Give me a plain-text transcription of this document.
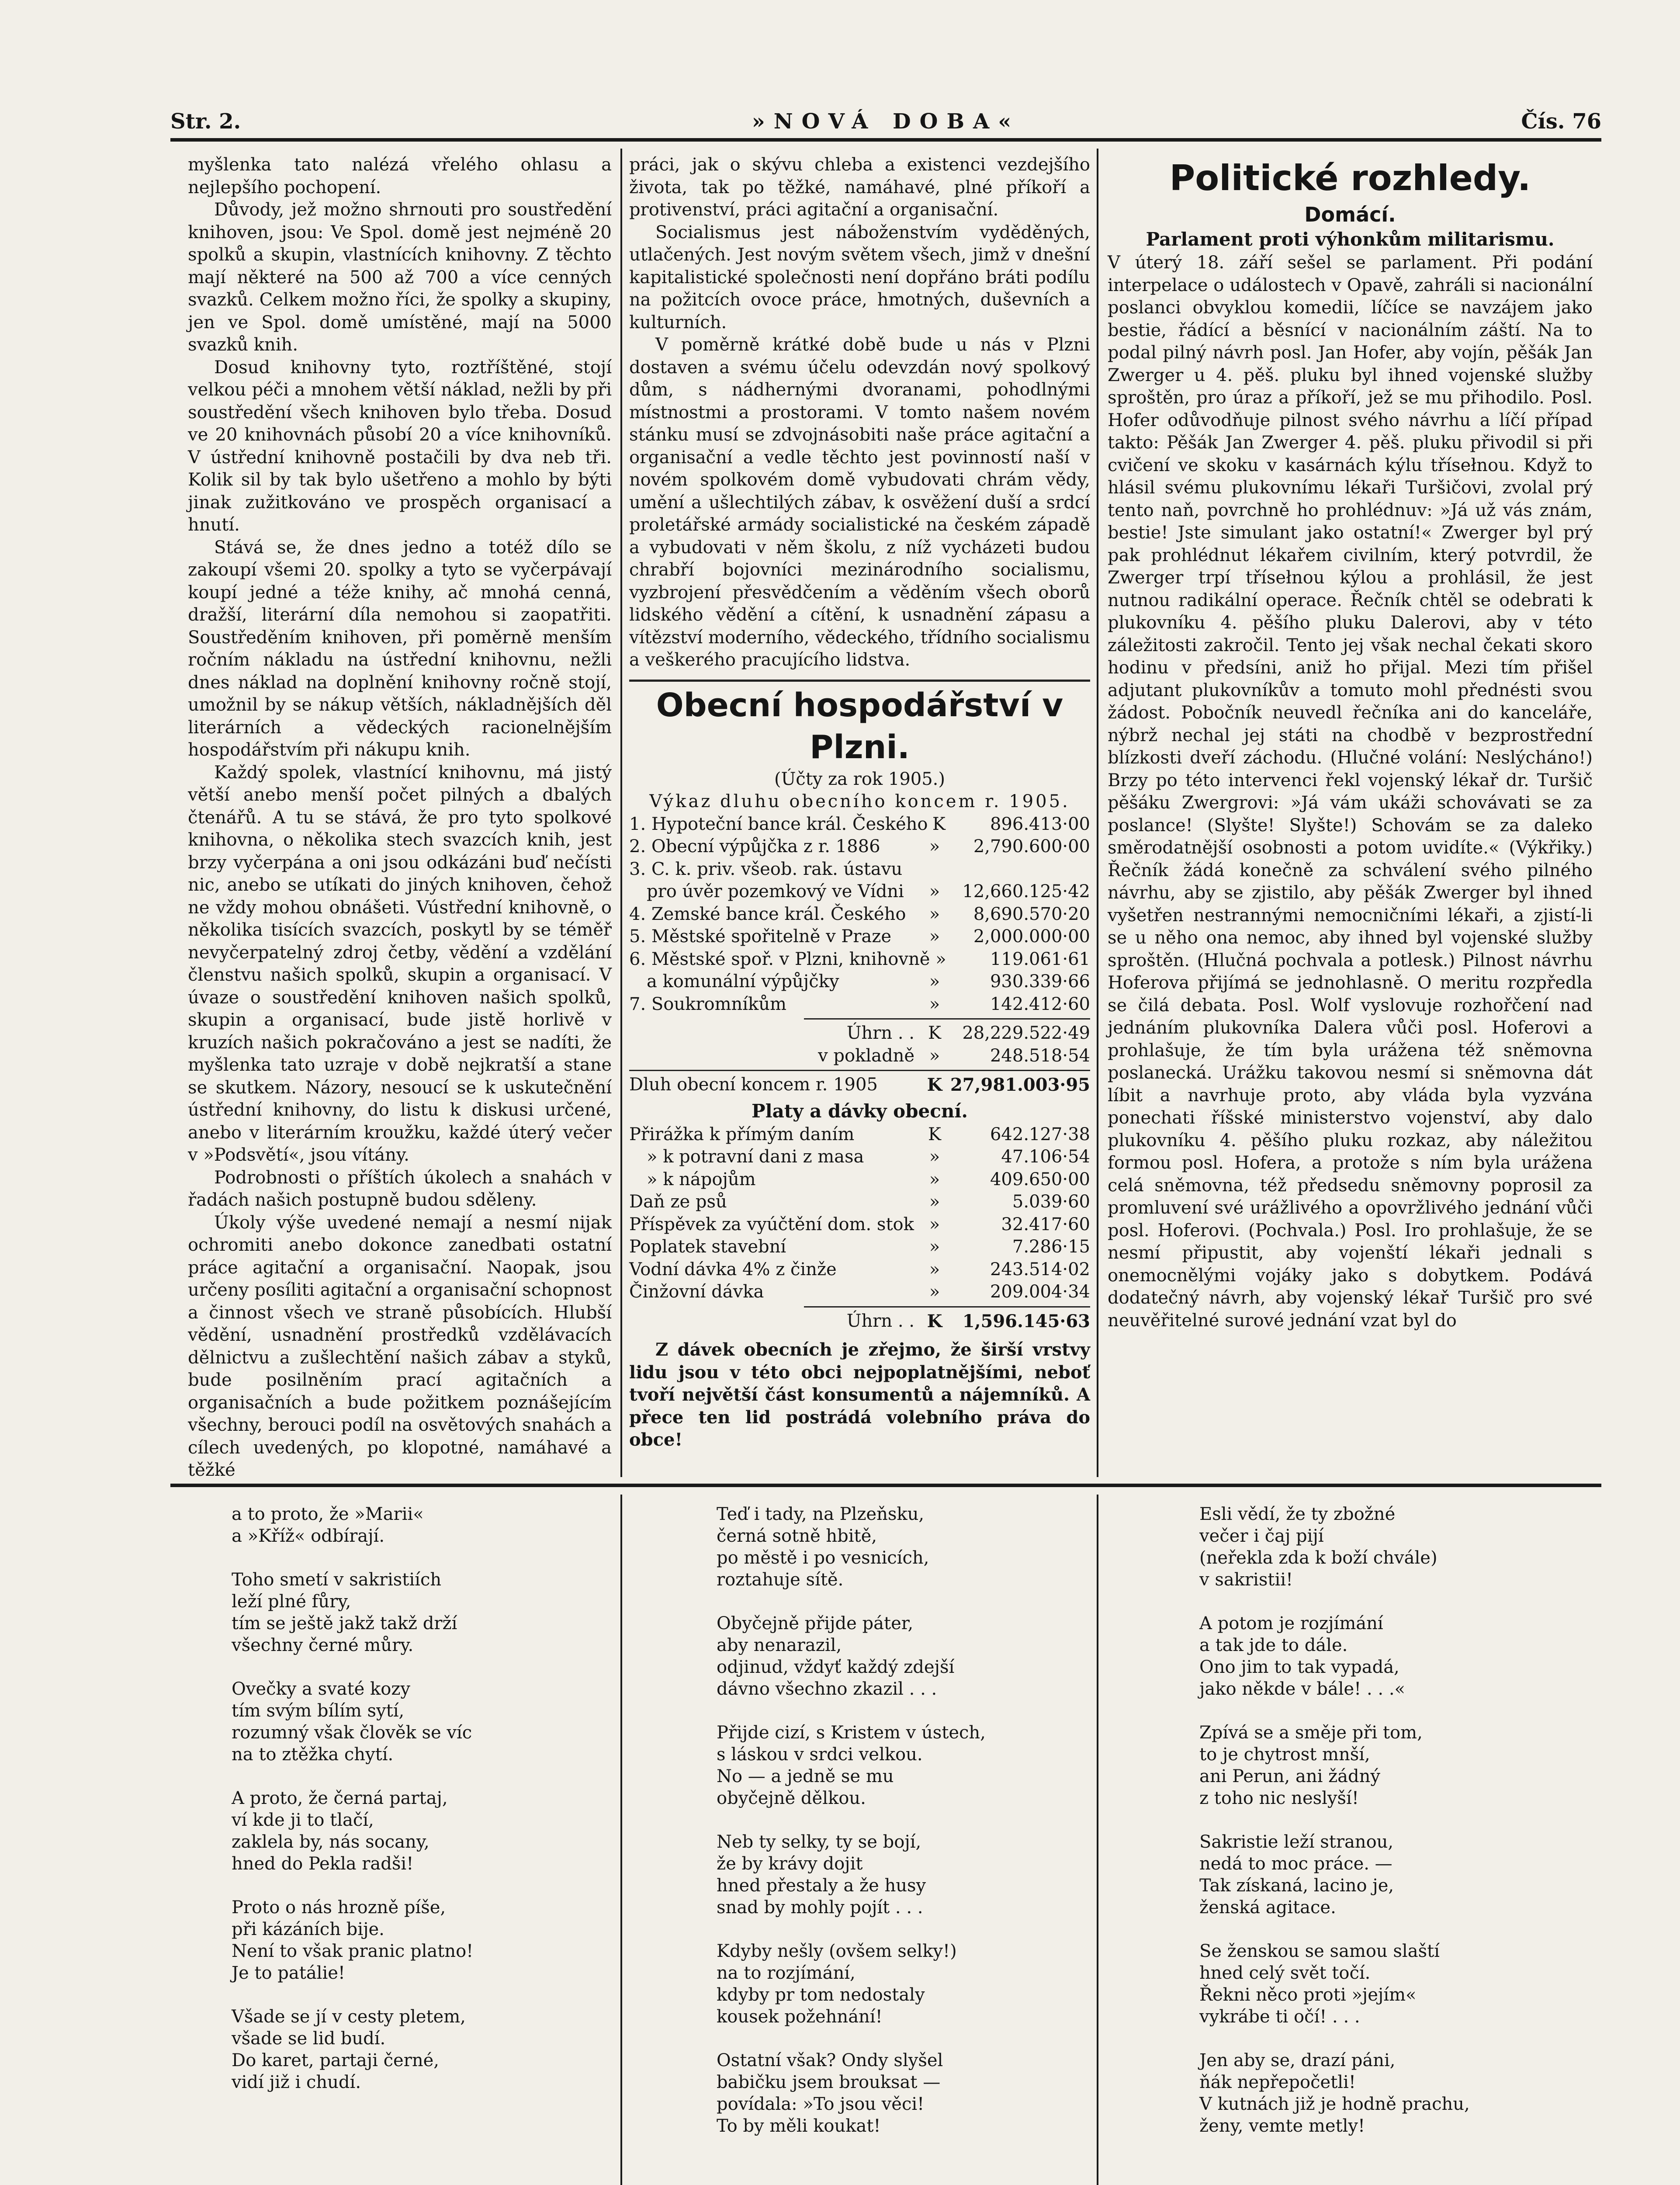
Str. 2.	»NOVÁ DOBA«	Čís. 76

myšlenka tato nalézá vřelého ohlasu a nejlepšího pochopení.

Důvody, jež možno shrnouti pro soustředění knihoven, jsou: Ve Spol. domě jest nejméně 20 spolků a skupin, vlastnících knihovny. Z těchto mají některé na 500 až 700 a více cenných svazků. Celkem možno říci, že spolky a skupiny, jen ve Spol. domě umístěné, mají na 5000 svazků knih.

Dosud knihovny tyto, roztříštěné, stojí velkou péči a mnohem větší náklad, nežli by při soustředění všech knihoven bylo třeba. Dosud ve 20 knihovnách působí 20 a více knihovníků. V ústřední knihovně postačili by dva neb tři. Kolik sil by tak bylo ušetřeno a mohlo by býti jinak zužitkováno ve prospěch organisací a hnutí.

Stává se, že dnes jedno a totéž dílo se zakoupí všemi 20. spolky a tyto se vyčerpávají koupí jedné a téže knihy, ač mnohá cenná, dražší, literární díla nemohou si zaopatřiti. Soustředěním knihoven, při poměrně menším ročním nákladu na ústřední knihovnu, nežli dnes náklad na doplnění knihovny ročně stojí, umožnil by se nákup větších, nákladnějších děl literárních a vědeckých racionelnějším hospodářstvím při nákupu knih.

Každý spolek, vlastnící knihovnu, má jistý větší anebo menší počet pilných a dbalých čtenářů. A tu se stává, že pro tyto spolkové knihovna, o několika stech svazcích knih, jest brzy vyčerpána a oni jsou odkázáni buď nečísti nic, anebo se utíkati do jiných knihoven, čehož ne vždy mohou obnášeti. Vústřední knihovně, o několika tisících svazcích, poskytl by se téměř nevyčerpatelný zdroj četby, vědění a vzdělání členstvu našich spolků, skupin a organisací. V úvaze o soustředění knihoven našich spolků, skupin a organisací, bude jistě horlivě v kruzích našich pokračováno a jest se nadíti, že myšlenka tato uzraje v době nejkratší a stane se skutkem. Názory, nesoucí se k uskutečnění ústřední knihovny, do listu k diskusi určené, anebo v literárním kroužku, každé úterý večer v »Podsvětí«, jsou vítány.

Podrobnosti o příštích úkolech a snahách v řadách našich postupně budou sděleny.

Úkoly výše uvedené nemají a nesmí nijak ochromiti anebo dokonce zanedbati ostatní práce agitační a organisační. Naopak, jsou určeny posíliti agitační a organisační schopnost a činnost všech ve straně působících. Hlubší vědění, usnadnění prostředků vzdělávacích dělnictvu a zušlechtění našich zábav a styků, bude posilněním prací agitačních a organisačních a bude požitkem poznášejícím všechny, berouci podíl na osvětových snahách a cílech uvedených, po klopotné, namáhavé a těžké

práci, jak o skývu chleba a existenci vezdejšího života, tak po těžké, namáhavé, plné příkoří a protivenství, práci agitační a organisační.

Socialismus jest náboženstvím vyděděných, utlačených. Jest novým světem všech, jimž v dnešní kapitalistické společnosti není dopřáno bráti podílu na požitcích ovoce práce, hmotných, duševních a kulturních.

V poměrně krátké době bude u nás v Plzni dostaven a svému účelu odevzdán nový spolkový dům, s nádhernými dvoranami, pohodlnými místnostmi a prostorami. V tomto našem novém stánku musí se zdvojnásobiti naše práce agitační a organisační a vedle těchto jest povinností naší v novém spolkovém domě vybudovati chrám vědy, umění a ušlechtilých zábav, k osvěžení duší a srdcí proletářské armády socialistické na českém západě a vybudovati v něm školu, z níž vycházeti budou chrabří bojovníci mezinárodního socialismu, vyzbrojení přesvědčením a věděním všech oborů lidského vědění a cítění, k usnadnění zápasu a vítězství moderního, vědeckého, třídního socialismu a veškerého pracujícího lidstva.

Obecní hospodářství v Plzni.
(Účty za rok 1905.)
Výkaz dluhu obecního koncem r. 1905.
1. Hypoteční bance král. Českého K	896.413·00
2. Obecní výpůjčka z r. 1886	»	2,790.600·00
3. C. k. priv. všeob. rak. ústavu
pro úvěr pozemkový ve Vídni	»	12,660.125·42
4. Zemské bance král. Českého	»	8,690.570·20
5. Městské spořitelně v Praze	»	2,000.000·00
6. Městské spoř. v Plzni, knihovně »	119.061·61
a komunální výpůjčky	»	930.339·66
7. Soukromníkům	»	142.412·60
Úhrn . . K	28,229.522·49
v pokladně »	248.518·54
Dluh obecní koncem r. 1905	K 27,981.003·95
Platy a dávky obecní.
Přirážka k přímým daním	K	642.127·38
» k potravní dani z masa	»	47.106·54
» k nápojům	»	409.650·00
Daň ze psů	»	5.039·60
Příspěvek za vyúčtění dom. stok »	32.417·60
Poplatek stavební	»	7.286·15
Vodní dávka 4% z činže	»	243.514·02
Činžovní dávka	»	209.004·34
Úhrn . . K	1,596.145·63

Z dávek obecních je zřejmo, že širší vrstvy lidu jsou v této obci nejpoplatnějšími, neboť tvoří největší část konsumentů a nájemníků. A přece ten lid postrádá volebního práva do obce!

Politické rozhledy.
Domácí.
Parlament proti výhonkům militarismu.

V úterý 18. září sešel se parlament. Při podání interpelace o událostech v Opavě, zahráli si nacionální poslanci obvyklou komedii, líčíce se navzájem jako bestie, řádící a běsnící v nacionálním záští. Na to podal pilný návrh posl. Jan Hofer, aby vojín, pěšák Jan Zwerger u 4. pěš. pluku byl ihned vojenské služby sproštěn, pro úraz a příkoří, jež se mu přihodilo. Posl. Hofer odůvodňuje pilnost svého návrhu a líčí případ takto: Pěšák Jan Zwerger 4. pěš. pluku přivodil si při cvičení ve skoku v kasárnách kýlu třísełnou. Když to hlásil svému plukovnímu lékaři Turšičovi, zvolal prý tento naň, povrchně ho prohlédnuv: »Já už vás znám, bestie! Jste simulant jako ostatní!« Zwerger byl prý pak prohlédnut lékařem civilním, který potvrdil, že Zwerger trpí třísełnou kýlou a prohlásil, že jest nutnou radikální operace. Řečník chtěl se odebrati k plukovníku 4. pěšího pluku Dalerovi, aby v této záležitosti zakročil. Tento jej však nechal čekati skoro hodinu v předsíni, aniž ho přijal. Mezi tím přišel adjutant plukovníkův a tomuto mohl přednésti svou žádost. Pobočník neuvedl řečníka ani do kanceláře, nýbrž nechal jej státi na chodbě v bezprostřední blízkosti dveří záchodu. (Hlučné volání: Neslýcháno!) Brzy po této intervenci řekl vojenský lékař dr. Turšič pěšáku Zwergrovi: »Já vám ukáži schovávati se za poslance! (Slyšte! Slyšte!) Schovám se za daleko směrodatnější osobnosti a potom uvidíte.« (Výkřiky.) Řečník žádá konečně za schválení svého pilného návrhu, aby se zjistilo, aby pěšák Zwerger byl ihned vyšetřen nestrannými nemocničními lékaři, a zjistí-li se u něho ona nemoc, aby ihned byl vojenské služby sproštěn. (Hlučná pochvala a potlesk.) Pilnost návrhu Hoferova přijímá se jednohlasně. O meritu rozpředla se čilá debata. Posl. Wolf vyslovuje rozhořčení nad jednáním plukovníka Dalera vůči posl. Hoferovi a prohlašuje, že tím byla urážena též sněmovna poslanecká. Urážku takovou nesmí si sněmovna dát líbit a navrhuje proto, aby vláda byla vyzvána ponechati říšské ministerstvo vojenství, aby dalo plukovníku 4. pěšího pluku rozkaz, aby náležitou formou posl. Hofera, a protože s ním byla urážena celá sněmovna, též předsedu sněmovny poprosil za promluvení své urážlivého a opovržlivého jednání vůči posl. Hoferovi. (Pochvala.) Posl. Iro prohlašuje, že se nesmí připustit, aby vojenští lékaři jednali s onemocnělými vojáky jako s dobytkem. Podává dodatečný návrh, aby vojenský lékař Turšič pro své neuvěřitelné surové jednání vzat byl do

a to proto, že »Marii«
a »Kříž« odbírají.
Toho smetí v sakristiích
leží plné fůry,
tím se ještě jakž takž drží
všechny černé můry.
Ovečky a svaté kozy
tím svým bílím sytí,
rozumný však člověk se víc
na to ztěžka chytí.
A proto, že černá partaj,
ví kde ji to tlačí,
zaklela by, nás socany,
hned do Pekla radši!
Proto o nás hrozně píše,
při kázáních bije.
Není to však pranic platno!
Je to patálie!
Všade se jí v cesty pletem,
všade se lid budí.
Do karet, partaji černé,
vidí již i chudí.
Teď i tady, na Plzeňsku,
černá sotně hbitě,
po městě i po vesnicích,
roztahuje sítě.
Obyčejně přijde páter,
aby nenarazil,
odjinud, vždyť každý zdejší
dávno všechno zkazil . . .
Přijde cizí, s Kristem v ústech,
s láskou v srdci velkou.
No — a jedně se mu
obyčejně dělkou.
Neb ty selky, ty se bojí,
že by krávy dojit
hned přestaly a že husy
snad by mohly pojít . . .
Kdyby nešly (ovšem selky!)
na to rozjímání,
kdyby pr tom nedostaly
kousek požehnání!
Ostatní však? Ondy slyšel
babičku jsem brouksat —
povídala: »To jsou věci!
To by měli koukat!
Esli vědí, že ty zbožné
večer i čaj pijí
(neřekla zda k boží chvále)
v sakristii!
A potom je rozjímání
a tak jde to dále.
Ono jim to tak vypadá,
jako někde v bále! . . .«
Zpívá se a směje při tom,
to je chytrost mnší,
ani Perun, ani žádný
z toho nic neslyší!
Sakristie leží stranou,
nedá to moc práce. —
Tak získaná, lacino je,
ženská agitace.
Se ženskou se samou slaští
hned celý svět točí.
Řekni něco proti »jejím«
vykrábe ti očí! . . .
Jen aby se, drazí páni,
ňák nepřepočetli!
V kutnách již je hodně prachu,
ženy, vemte metly!
